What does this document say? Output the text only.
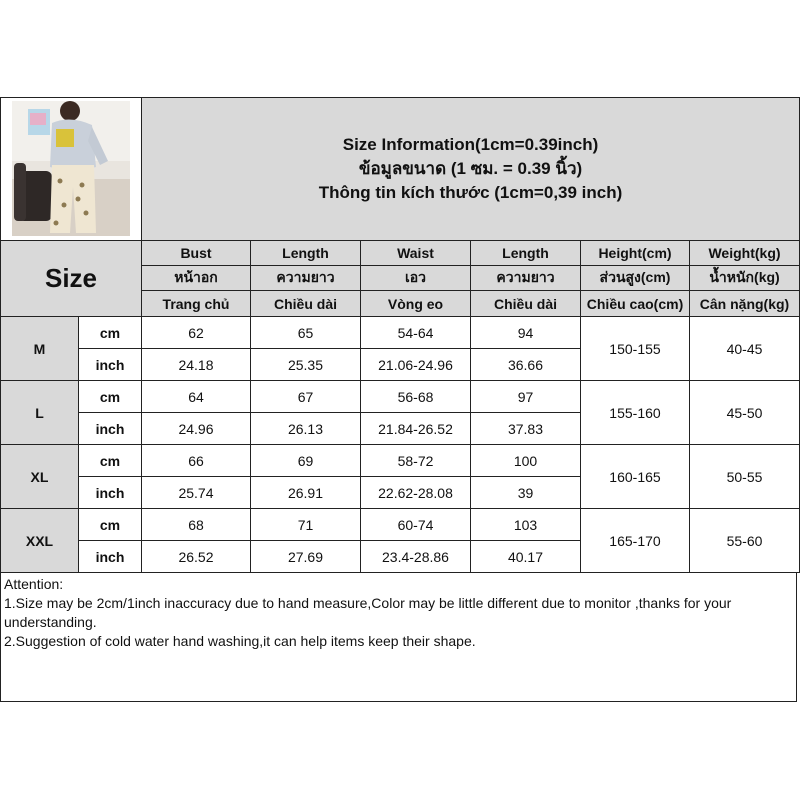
Size Information(1cm=0.39inch)
ข้อมูลขนาด (1 ซม. = 0.39 นิ้ว)
Thông tin kích thước (1cm=0,39 inch)					

Size		Bust	Length	Waist	Length	Height(cm)	Weight(kg)
		หน้าอก	ความยาว	เอว	ความยาว	ส่วนสูง(cm)	น้ำหนัก(kg)
		Trang chủ	Chiều dài	Vòng eo	Chiều dài	Chiều cao(cm)	Cân nặng(kg)
M	cm	62	65	54-64	94	150-155	40-45
	inch	24.18	25.35	21.06-24.96	36.66		
L	cm	64	67	56-68	97	155-160	45-50
	inch	24.96	26.13	21.84-26.52	37.83		
XL	cm	66	69	58-72	100	160-165	50-55
	inch	25.74	26.91	22.62-28.08	39		
XXL	cm	68	71	60-74	103	165-170	55-60
	inch	26.52	27.69	23.4-28.86	40.17		
Attention:
1.Size may be 2cm/1inch inaccuracy due to hand measure,Color may be little different due to monitor ,thanks for your understanding.
2.Suggestion of cold water hand washing,it can help items keep their shape.
